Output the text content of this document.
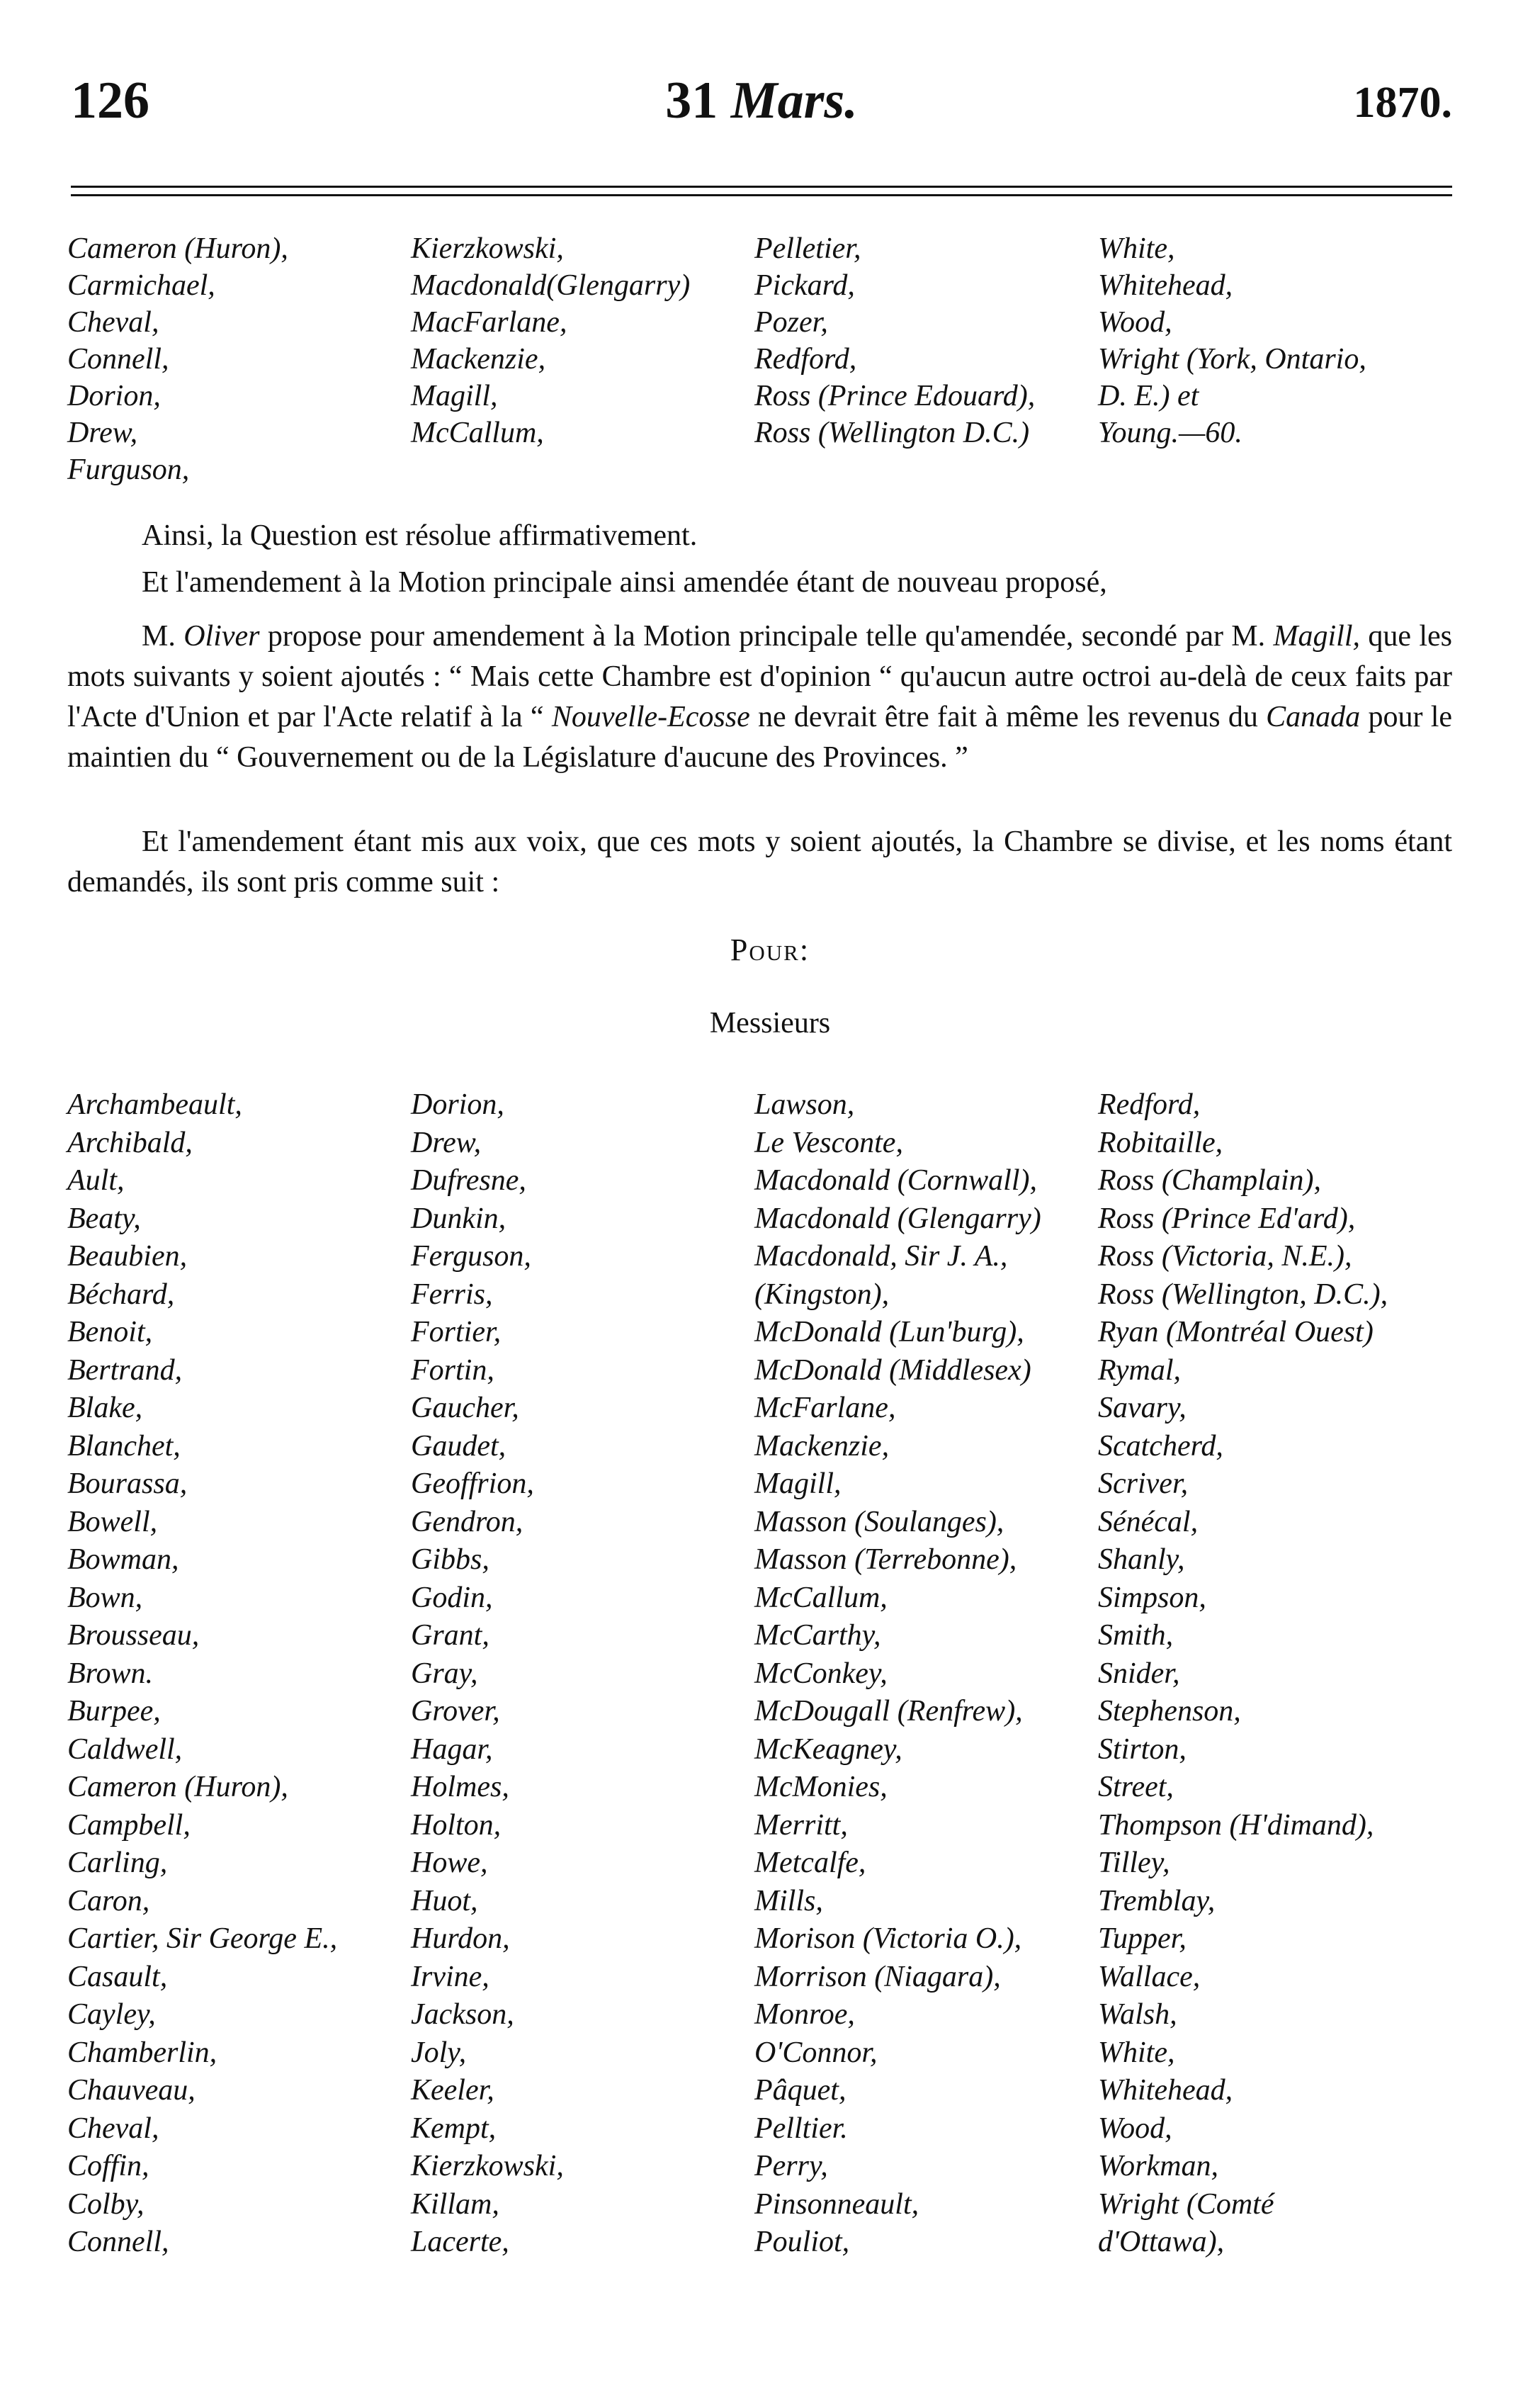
126	31 Mars.	1870.
Cameron (Huron),	Kierzkowski,	Pelletier,	White,
Carmichael,	Macdonald(Glengarry)	Pickard,	Whitehead,
Cheval,	MacFarlane,	Pozer,	Wood,
Connell,	Mackenzie,	Redford,	Wright (York, Ontario,
Dorion,	Magill,	Ross (Prince Edouard),	D. E.) et
Drew,	McCallum,	Ross (Wellington D.C.)	Young.—60.
Furguson,
Ainsi, la Question est résolue affirmativement.
Et l'amendement à la Motion principale ainsi amendée étant de nouveau proposé,
M. Oliver propose pour amendement à la Motion principale telle qu'amendée, secondé par M. Magill, que les mots suivants y soient ajoutés : “ Mais cette Chambre est d'opinion “ qu'aucun autre octroi au-delà de ceux faits par l'Acte d'Union et par l'Acte relatif à la “ Nouvelle-Ecosse ne devrait être fait à même les revenus du Canada pour le maintien du “ Gouvernement ou de la Législature d'aucune des Provinces. ”
Et l'amendement étant mis aux voix, que ces mots y soient ajoutés, la Chambre se divise, et les noms étant demandés, ils sont pris comme suit :
Pour:
Messieurs
Archambeault,	Dorion,	Lawson,	Redford,
Archibald,	Drew,	Le Vesconte,	Robitaille,
Ault,	Dufresne,	Macdonald (Cornwall),	Ross (Champlain),
Beaty,	Dunkin,	Macdonald (Glengarry)	Ross (Prince Ed'ard),
Beaubien,	Ferguson,	Macdonald, Sir J. A.,	Ross (Victoria, N.E.),
Béchard,	Ferris,	(Kingston),	Ross (Wellington, D.C.),
Benoit,	Fortier,	McDonald (Lun'burg),	Ryan (Montréal Ouest)
Bertrand,	Fortin,	McDonald (Middlesex)	Rymal,
Blake,	Gaucher,	McFarlane,	Savary,
Blanchet,	Gaudet,	Mackenzie,	Scatcherd,
Bourassa,	Geoffrion,	Magill,	Scriver,
Bowell,	Gendron,	Masson (Soulanges),	Sénécal,
Bowman,	Gibbs,	Masson (Terrebonne),	Shanly,
Bown,	Godin,	McCallum,	Simpson,
Brousseau,	Grant,	McCarthy,	Smith,
Brown.	Gray,	McConkey,	Snider,
Burpee,	Grover,	McDougall (Renfrew),	Stephenson,
Caldwell,	Hagar,	McKeagney,	Stirton,
Cameron (Huron),	Holmes,	McMonies,	Street,
Campbell,	Holton,	Merritt,	Thompson (H'dimand),
Carling,	Howe,	Metcalfe,	Tilley,
Caron,	Huot,	Mills,	Tremblay,
Cartier, Sir George E.,	Hurdon,	Morison (Victoria O.),	Tupper,
Casault,	Irvine,	Morrison (Niagara),	Wallace,
Cayley,	Jackson,	Monroe,	Walsh,
Chamberlin,	Joly,	O'Connor,	White,
Chauveau,	Keeler,	Pâquet,	Whitehead,
Cheval,	Kempt,	Pelltier.	Wood,
Coffin,	Kierzkowski,	Perry,	Workman,
Colby,	Killam,	Pinsonneault,	Wright (Comté
Connell,	Lacerte,	Pouliot,	d'Ottawa),
